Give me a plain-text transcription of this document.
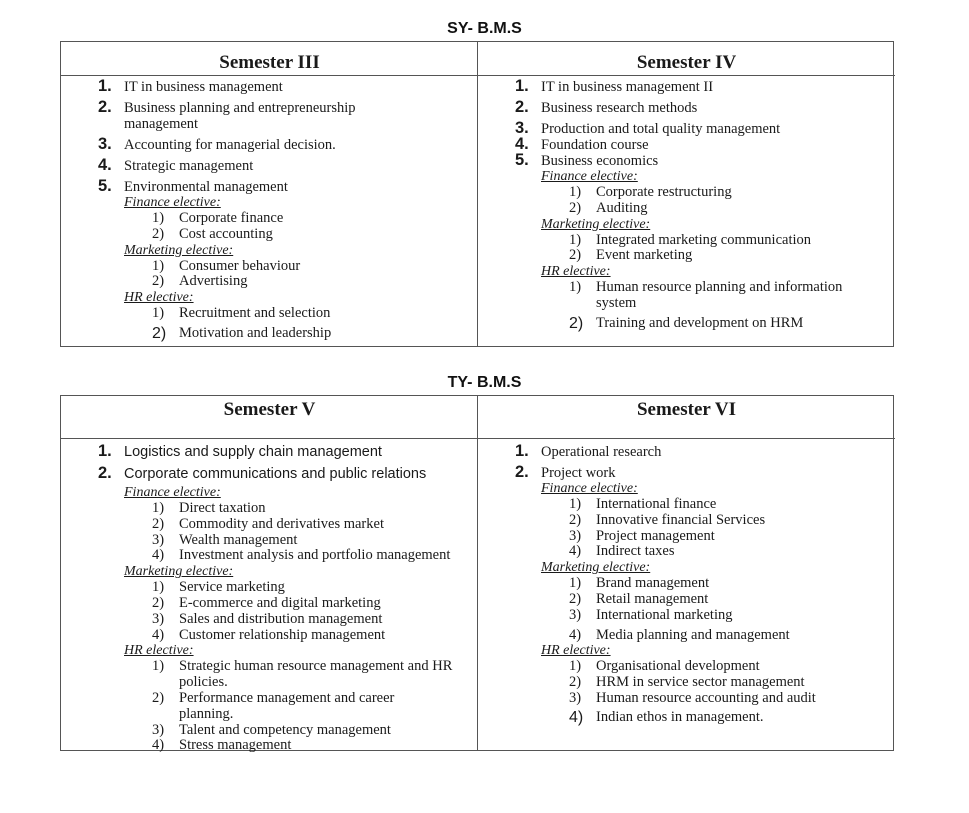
SY- B.M.S
Semester III
1. IT in business management
2. Business planning and entrepreneurship management
3. Accounting for managerial decision.
4. Strategic management
5. Environmental management
Finance elective:
1)	Corporate finance
2)	Cost accounting
Marketing elective:
1)	Consumer behaviour
2)	Advertising
HR elective:
1)	Recruitment and selection
2) Motivation and leadership
Semester IV
1. IT in business management II
2. Business research methods
3. Production and total quality management
4. Foundation course
5. Business economics
Finance elective:
1)	Corporate restructuring
2)	Auditing
Marketing elective:
1)	Integrated marketing communication
2)	Event marketing
HR elective:
1)	Human resource planning and information system
2) Training and development on HRM
TY- B.M.S
Semester V
1. Logistics and supply chain management
2. Corporate communications and public relations
Finance elective:
1)	Direct taxation
2)	Commodity and derivatives market
3)	Wealth management
4)	Investment analysis and portfolio management
Marketing elective:
1)	Service marketing
2)	E-commerce and digital marketing
3)	Sales and distribution management
4)	Customer relationship management
HR elective:
1)	Strategic human resource management and HR policies.
2)	Performance management and career planning.
3)	Talent and competency management
4)	Stress management
Semester VI
1. Operational research
2. Project work
Finance elective:
1)	International finance
2)	Innovative financial Services
3)	Project management
4)	Indirect taxes
Marketing elective:
1)	Brand management
2)	Retail management
3)	International marketing
4)	Media planning and management
HR elective:
1)	Organisational development
2)	HRM in service sector management
3)	Human resource accounting and audit
4) Indian ethos in management.
